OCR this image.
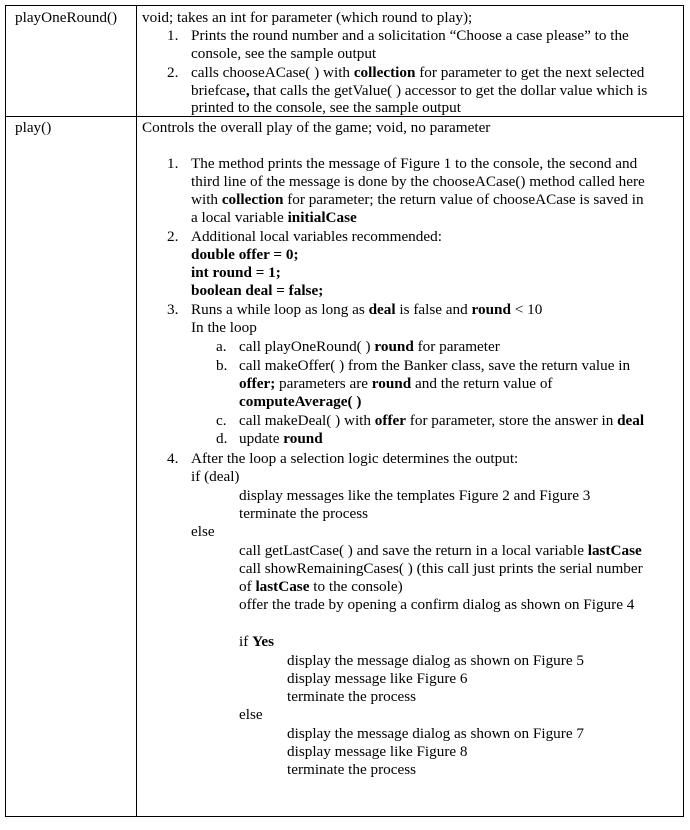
playOneRound() void; takes an int for parameter (which round to play);
1. Prints the round number and a solicitation “Choose a case please” to the
console, see the sample output
2. calls chooseACase( ) with collection for parameter to get the next selected
briefcase, that calls the getValue( ) accessor to get the dollar value which is
printed to the console, see the sample output
play()	Controls the overall play of the game; void, no parameter
1. The method prints the message of Figure 1 to the console, the second and
third line of the message is done by the chooseACase() method called here
with collection for parameter; the return value of chooseACase is saved in
a local variable initialCase
2. Additional local variables recommended:
double offer = 0;
int round = 1;
boolean deal = false;
3. Runs a while loop as long as deal is false and round < 10
In the loop
a. call playOneRound( ) round for parameter
b. call makeOffer( ) from the Banker class, save the return value in
offer; parameters are round and the return value of
computeAverage( )
c. call makeDeal( ) with offer for parameter, store the answer in deal
d. update round
4. After the loop a selection logic determines the output:
if (deal)
display messages like the templates Figure 2 and Figure 3
terminate the process
else
call getLastCase( ) and save the return in a local variable lastCase
call showRemainingCases( ) (this call just prints the serial number
of lastCase to the console)
offer the trade by opening a confirm dialog as shown on Figure 4
if Yes
display the message dialog as shown on Figure 5
display message like Figure 6
terminate the process
else
display the message dialog as shown on Figure 7
display message like Figure 8
terminate the process
